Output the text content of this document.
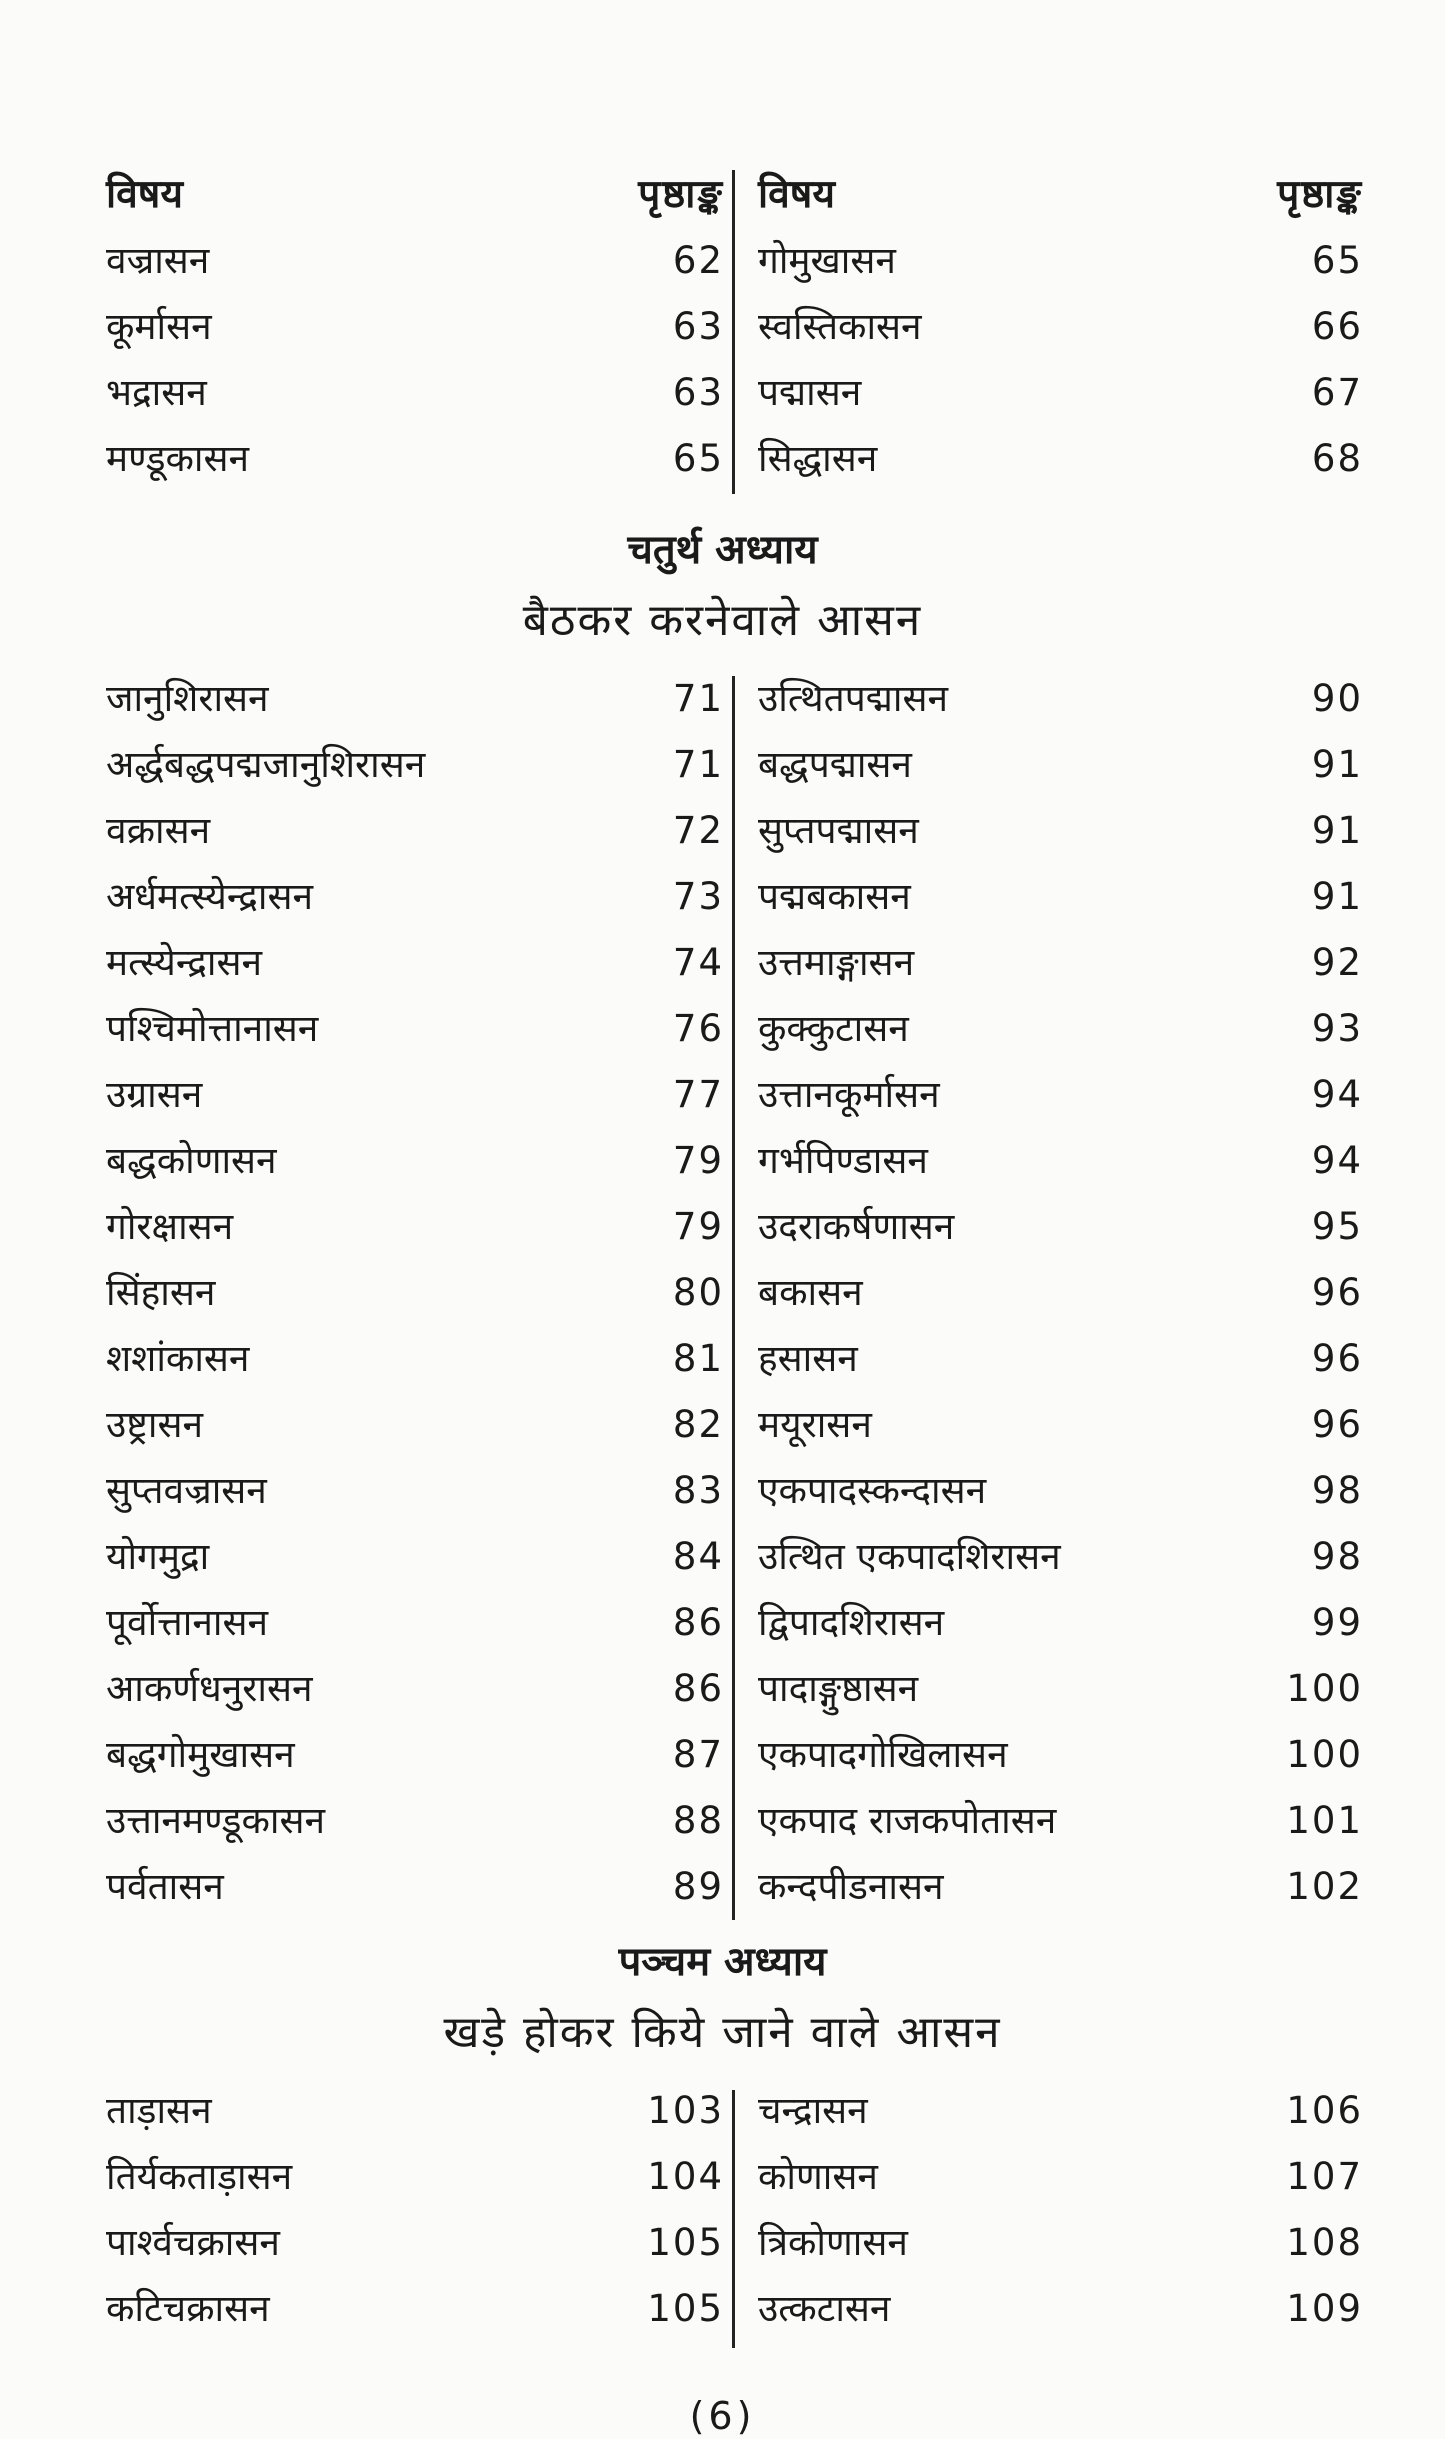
विषय	पृष्ठाङ्क
वज्रासन	62
कूर्मासन	63
भद्रासन	63
मण्डूकासन	65
विषय	पृष्ठाङ्क
गोमुखासन	65
स्वस्तिकासन	66
पद्मासन	67
सिद्धासन	68
चतुर्थ अध्याय
बैठकर करनेवाले आसन
जानुशिरासन	71
अर्द्धबद्धपद्मजानुशिरासन	71
वक्रासन	72
अर्धमत्स्येन्द्रासन	73
मत्स्येन्द्रासन	74
पश्चिमोत्तानासन	76
उग्रासन	77
बद्धकोणासन	79
गोरक्षासन	79
सिंहासन	80
शशांकासन	81
उष्ट्रासन	82
सुप्तवज्रासन	83
योगमुद्रा	84
पूर्वोत्तानासन	86
आकर्णधनुरासन	86
बद्धगोमुखासन	87
उत्तानमण्डूकासन	88
पर्वतासन	89
उत्थितपद्मासन	90
बद्धपद्मासन	91
सुप्तपद्मासन	91
पद्मबकासन	91
उत्तमाङ्गासन	92
कुक्कुटासन	93
उत्तानकूर्मासन	94
गर्भपिण्डासन	94
उदराकर्षणासन	95
बकासन	96
हसासन	96
मयूरासन	96
एकपादस्कन्दासन	98
उत्थित एकपादशिरासन	98
द्विपादशिरासन	99
पादाङ्गुष्ठासन	100
एकपादगोखिलासन	100
एकपाद राजकपोतासन	101
कन्दपीडनासन	102
पञ्चम अध्याय
खड़े होकर किये जाने वाले आसन
ताड़ासन	103
तिर्यकताड़ासन	104
पार्श्वचक्रासन	105
कटिचक्रासन	105
चन्द्रासन	106
कोणासन	107
त्रिकोणासन	108
उत्कटासन	109
(6)
